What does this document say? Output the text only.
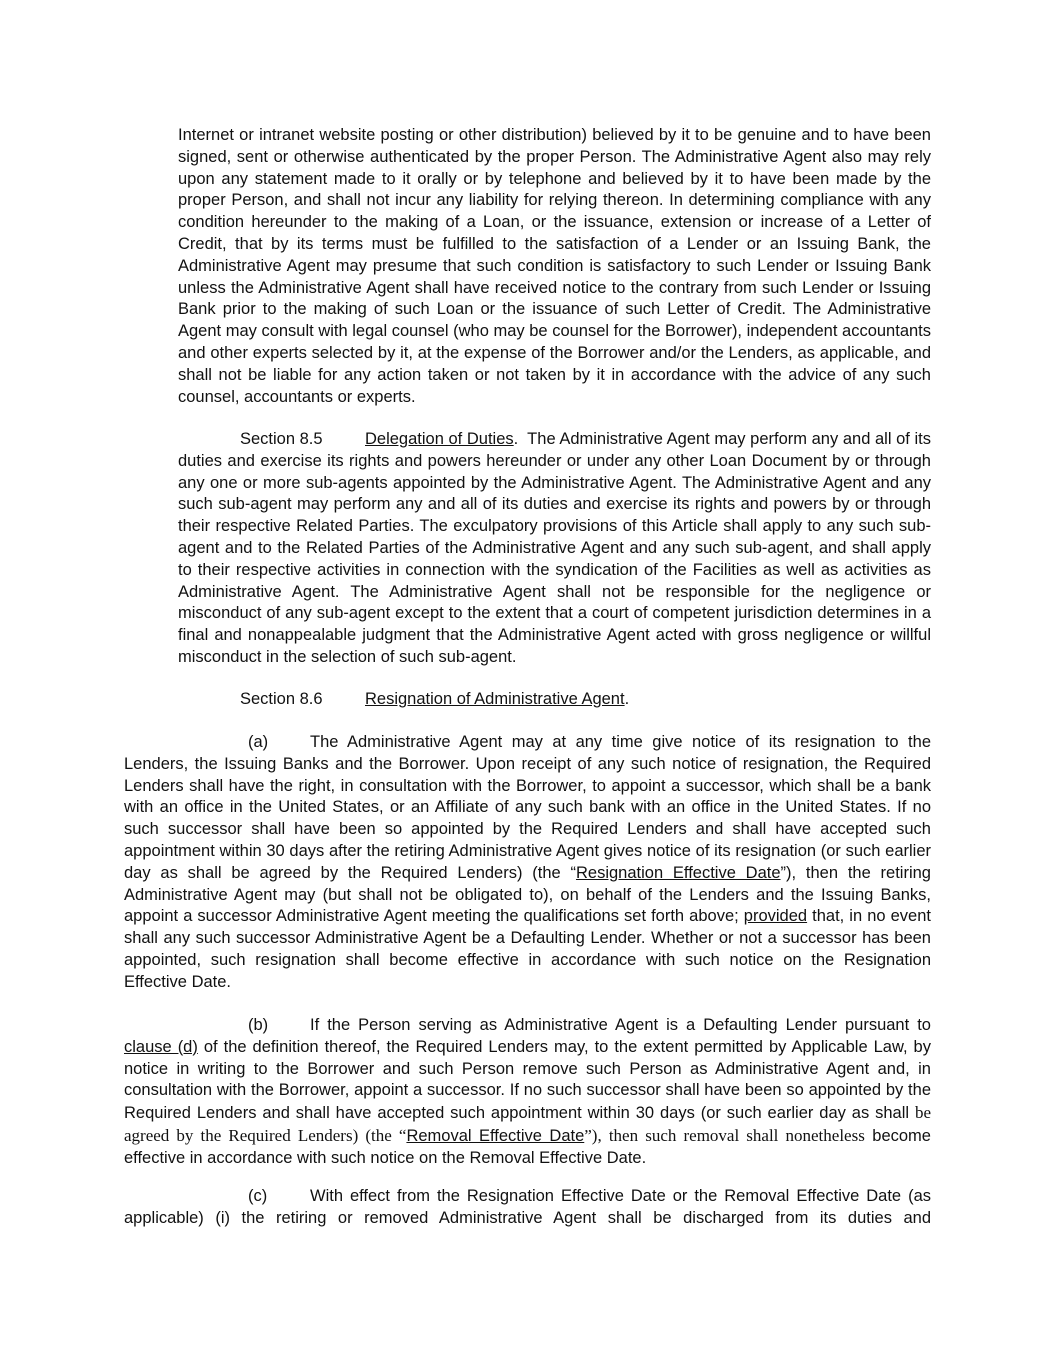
Internet or intranet website posting or other distribution) believed by it to be genuine and to have been signed, sent or otherwise authenticated by the proper Person. The Administrative Agent also may rely upon any statement made to it orally or by telephone and believed by it to have been made by the proper Person, and shall not incur any liability for relying thereon. In determining compliance with any condition hereunder to the making of a Loan, or the issuance, extension or increase of a Letter of Credit, that by its terms must be fulfilled to the satisfaction of a Lender or an Issuing Bank, the Administrative Agent may presume that such condition is satisfactory to such Lender or Issuing Bank unless the Administrative Agent shall have received notice to the contrary from such Lender or Issuing Bank prior to the making of such Loan or the issuance of such Letter of Credit. The Administrative Agent may consult with legal counsel (who may be counsel for the Borrower), independent accountants and other experts selected by it, at the expense of the Borrower and/or the Lenders, as applicable, and shall not be liable for any action taken or not taken by it in accordance with the advice of any such counsel, accountants or experts.

Section 8.5	Delegation of Duties.  The Administrative Agent may perform any and all of its duties and exercise its rights and powers hereunder or under any other Loan Document by or through any one or more sub-agents appointed by the Administrative Agent. The Administrative Agent and any such sub-agent may perform any and all of its duties and exercise its rights and powers by or through their respective Related Parties. The exculpatory provisions of this Article shall apply to any such sub-agent and to the Related Parties of the Administrative Agent and any such sub-agent, and shall apply to their respective activities in connection with the syndication of the Facilities as well as activities as Administrative Agent. The Administrative Agent shall not be responsible for the negligence or misconduct of any sub-agent except to the extent that a court of competent jurisdiction determines in a final and nonappealable judgment that the Administrative Agent acted with gross negligence or willful misconduct in the selection of such sub-agent.

Section 8.6	Resignation of Administrative Agent.

(a)	The Administrative Agent may at any time give notice of its resignation to the Lenders, the Issuing Banks and the Borrower. Upon receipt of any such notice of resignation, the Required Lenders shall have the right, in consultation with the Borrower, to appoint a successor, which shall be a bank with an office in the United States, or an Affiliate of any such bank with an office in the United States. If no such successor shall have been so appointed by the Required Lenders and shall have accepted such appointment within 30 days after the retiring Administrative Agent gives notice of its resignation (or such earlier day as shall be agreed by the Required Lenders) (the “Resignation Effective Date”), then the retiring Administrative Agent may (but shall not be obligated to), on behalf of the Lenders and the Issuing Banks, appoint a successor Administrative Agent meeting the qualifications set forth above; provided that, in no event shall any such successor Administrative Agent be a Defaulting Lender. Whether or not a successor has been appointed, such resignation shall become effective in accordance with such notice on the Resignation Effective Date.

(b)	If the Person serving as Administrative Agent is a Defaulting Lender pursuant to clause (d) of the definition thereof, the Required Lenders may, to the extent permitted by Applicable Law, by notice in writing to the Borrower and such Person remove such Person as Administrative Agent and, in consultation with the Borrower, appoint a successor. If no such successor shall have been so appointed by the Required Lenders and shall have accepted such appointment within 30 days (or such earlier day as shall be agreed by the Required Lenders) (the “Removal Effective Date”), then such removal shall nonetheless become effective in accordance with such notice on the Removal Effective Date.

(c)	With effect from the Resignation Effective Date or the Removal Effective Date (as applicable) (i) the retiring or removed Administrative Agent shall be discharged from its duties and
